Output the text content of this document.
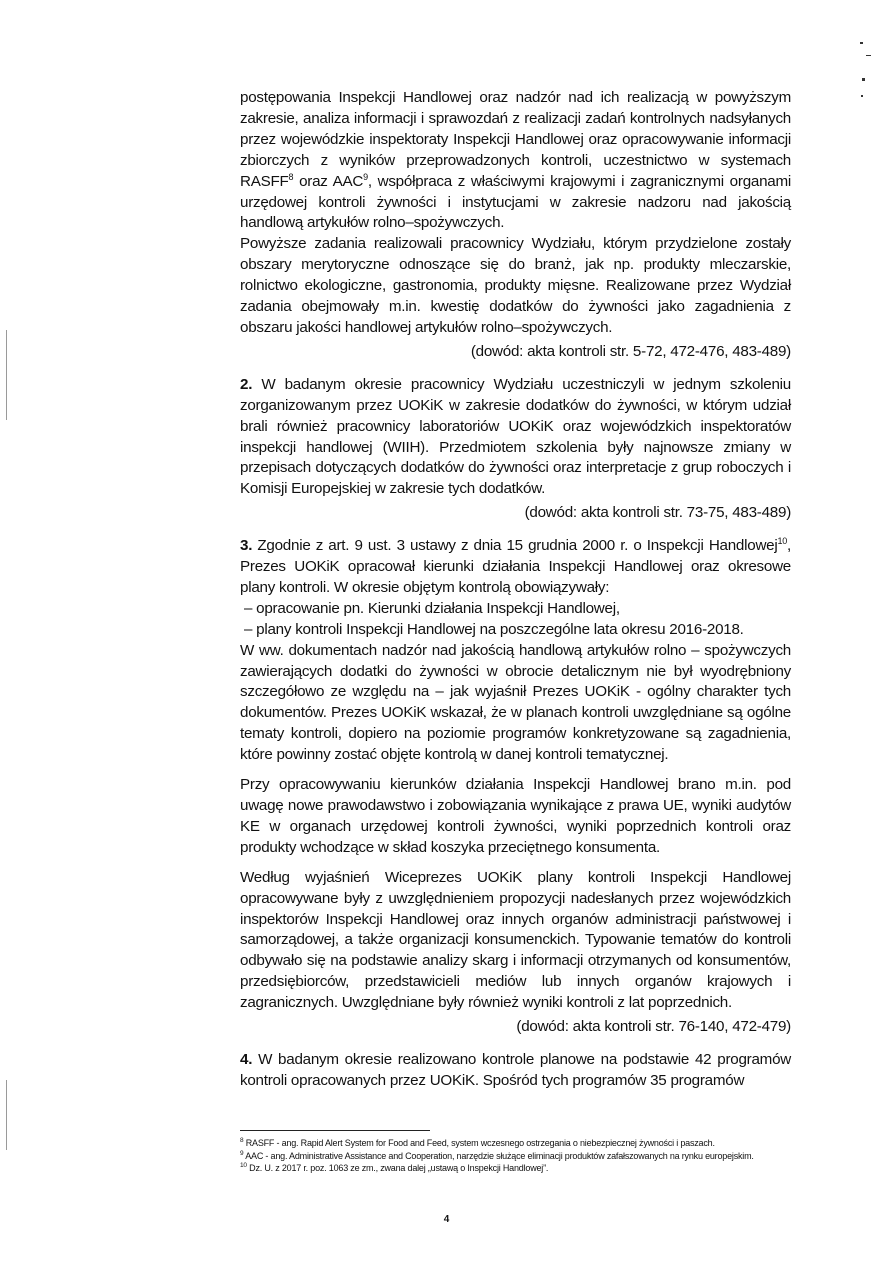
postępowania Inspekcji Handlowej oraz nadzór nad ich realizacją w powyższym zakresie, analiza informacji i sprawozdań z realizacji zadań kontrolnych nadsyłanych przez wojewódzkie inspektoraty Inspekcji Handlowej oraz opracowywanie informacji zbiorczych z wyników przeprowadzonych kontroli, uczestnictwo w systemach RASFF$^8$ oraz AAC$^9$, współpraca z właściwymi krajowymi i zagranicznymi organami urzędowej kontroli żywności i instytucjami w zakresie nadzoru nad jakością handlową artykułów rolno–spożywczych.

Powyższe zadania realizowali pracownicy Wydziału, którym przydzielone zostały obszary merytoryczne odnoszące się do branż, jak np. produkty mleczarskie, rolnictwo ekologiczne, gastronomia, produkty mięsne. Realizowane przez Wydział zadania obejmowały m.in. kwestię dodatków do żywności jako zagadnienia z obszaru jakości handlowej artykułów rolno–spożywczych.

(dowód: akta kontroli str. 5-72, 472-476, 483-489)

2. W badanym okresie pracownicy Wydziału uczestniczyli w jednym szkoleniu zorganizowanym przez UOKiK w zakresie dodatków do żywności, w którym udział brali również pracownicy laboratoriów UOKiK oraz wojewódzkich inspektoratów inspekcji handlowej (WIIH). Przedmiotem szkolenia były najnowsze zmiany w przepisach dotyczących dodatków do żywności oraz interpretacje z grup roboczych i Komisji Europejskiej w zakresie tych dodatków.

(dowód: akta kontroli str. 73-75, 483-489)

3. Zgodnie z art. 9 ust. 3 ustawy z dnia 15 grudnia 2000 r. o Inspekcji Handlowej$^{10}$, Prezes UOKiK opracował kierunki działania Inspekcji Handlowej oraz okresowe plany kontroli. W okresie objętym kontrolą obowiązywały:

– opracowanie pn. Kierunki działania Inspekcji Handlowej,

– plany kontroli Inspekcji Handlowej na poszczególne lata okresu 2016-2018.

W ww. dokumentach nadzór nad jakością handlową artykułów rolno – spożywczych zawierających dodatki do żywności w obrocie detalicznym nie był wyodrębniony szczegółowo ze względu na – jak wyjaśnił Prezes UOKiK - ogólny charakter tych dokumentów. Prezes UOKiK wskazał, że w planach kontroli uwzględniane są ogólne tematy kontroli, dopiero na poziomie programów konkretyzowane są zagadnienia, które powinny zostać objęte kontrolą w danej kontroli tematycznej.

Przy opracowywaniu kierunków działania Inspekcji Handlowej brano m.in. pod uwagę nowe prawodawstwo i zobowiązania wynikające z prawa UE, wyniki audytów KE w organach urzędowej kontroli żywności, wyniki poprzednich kontroli oraz produkty wchodzące w skład koszyka przeciętnego konsumenta.

Według wyjaśnień Wiceprezes UOKiK plany kontroli Inspekcji Handlowej opracowywane były z uwzględnieniem propozycji nadesłanych przez wojewódzkich inspektorów Inspekcji Handlowej oraz innych organów administracji państwowej i samorządowej, a także organizacji konsumenckich. Typowanie tematów do kontroli odbywało się na podstawie analizy skarg i informacji otrzymanych od konsumentów, przedsiębiorców, przedstawicieli mediów lub innych organów krajowych i zagranicznych. Uwzględniane były również wyniki kontroli z lat poprzednich.

(dowód: akta kontroli str. 76-140, 472-479)

4. W badanym okresie realizowano kontrole planowe na podstawie 42 programów kontroli opracowanych przez UOKiK. Spośród tych programów 35 programów

$^8$ RASFF - ang. Rapid Alert System for Food and Feed, system wczesnego ostrzegania o niebezpiecznej żywności i paszach.

$^9$ AAC - ang. Administrative Assistance and Cooperation, narzędzie służące eliminacji produktów zafałszowanych na rynku europejskim.

$^{10}$ Dz. U. z 2017 r. poz. 1063 ze zm., zwana dalej „ustawą o Inspekcji Handlowej”.

4
